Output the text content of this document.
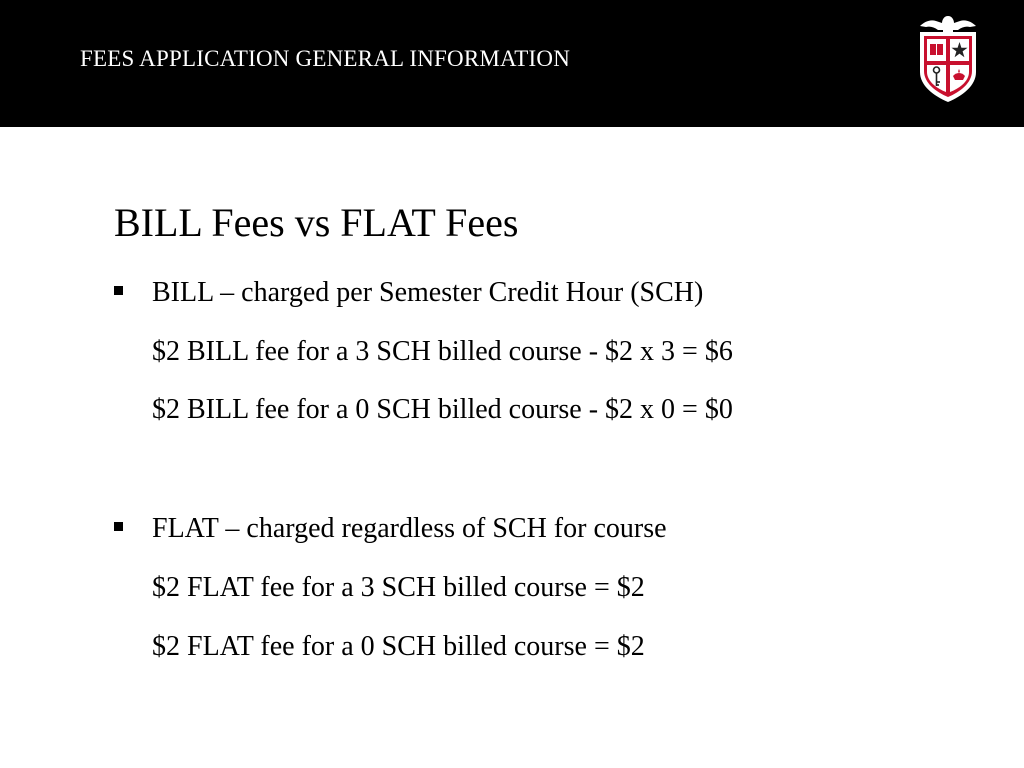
FEES APPLICATION GENERAL INFORMATION
BILL Fees vs FLAT Fees
BILL – charged per Semester Credit Hour (SCH)
$2 BILL fee for a 3 SCH billed course - $2 x 3 = $6
$2 BILL fee for a 0 SCH billed course - $2 x 0 = $0
FLAT – charged regardless of SCH for course
$2 FLAT fee for a 3 SCH billed course = $2
$2 FLAT fee for a 0 SCH billed course = $2
